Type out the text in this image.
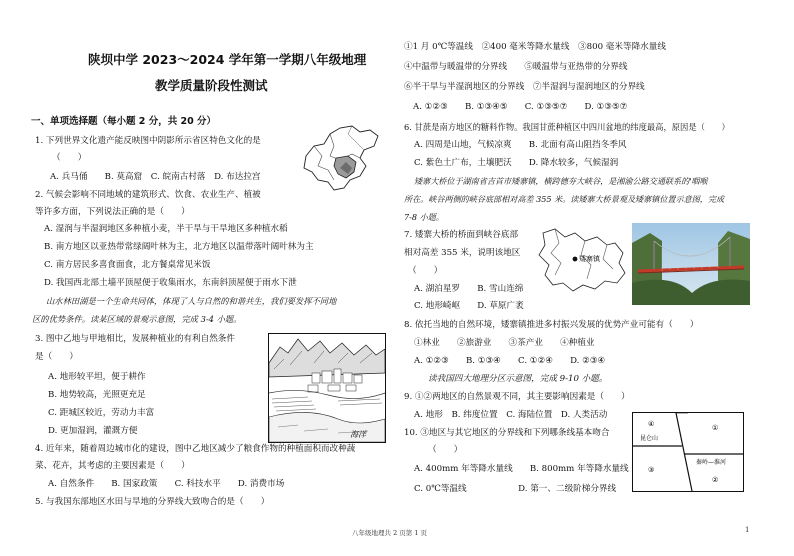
陕坝中学 2023～2024 学年第一学期八年级地理
教学质量阶段性测试
一、单项选择题（每小题 2 分，共 20 分）
1. 下列世界文化遗产能反映图中阴影所示省区特色文化的是
（　　）
A. 兵马俑　　B. 莫高窟　C. 皖南古村落　D. 布达拉宫
2. 气候会影响不同地域的建筑形式、饮食、农业生产、植被
等许多方面，下列说法正确的是（　　）
A. 湿润与半湿润地区多种植小麦，半干旱与干旱地区多种植水稻
B. 南方地区以亚热带常绿阔叶林为主，北方地区以温带落叶阔叶林为主
C. 南方居民多喜食面食，北方餐桌常见米饭
D. 我国西北部土墙平顶屋便于收集雨水，东南斜顶屋便于雨水下泄
山水林田湖是一个生命共同体，体现了人与自然的和谐共生，我们要发挥不同地
区的优势条件。读某区域的景观示意图，完成 3-4 小题。
3. 图中乙地与甲地相比，发展种植业的有利自然条件
是（　　）
A. 地形较平坦，便于耕作
B. 地势较高，光照更充足
C. 距城区较近，劳动力丰富
D. 更加湿润，灌溉方便	海洋
4. 近年来，随着周边城市化的建设，图中乙地区减少了粮食作物的种植面积而改种蔬
菜、花卉，其考虑的主要因素是（　　）
A. 自然条件　　B. 国家政策　　C. 科技水平　　D. 消费市场
5. 与我国东部地区水田与旱地的分界线大致吻合的是（　　）
①1 月 0℃等温线　②400 毫米等降水量线　③800 毫米等降水量线
④中温带与暖温带的分界线　　⑤暖温带与亚热带的分界线
⑥半干旱与半湿润地区的分界线　⑦半湿润与湿润地区的分界线
A. ①②③　　B. ①③④⑤　　C. ①③⑤⑦　　D. ①③⑤⑦
6. 甘蔗是南方地区的糖料作物。我国甘蔗种植区中四川盆地的纬度最高，原因是（　　）
A. 四周是山地，气候凉爽　　B. 北面有高山阻挡冬季风
C. 紫色土广布，土壤肥沃　　D. 降水较多，气候湿润
矮寨大桥位于湖南省吉首市矮寨镇，横跨德夯大峡谷，是湘渝公路交通联系的'咽喉
所在。峡谷两侧的峡谷底部相对高差 355 米。读矮寨大桥景观及矮寨镇位置示意图，完成
7-8 小题。
7. 矮寨大桥的桥面到峡谷底部
相对高差 355 米，说明该地区
（　　）
A. 湖泊星罗　　B. 雪山连绵
C. 地形崎岖　　D. 草原广袤
矮寨镇
8. 依托当地的自然环境，矮寨镇推进多村振兴发展的优势产业可能有（　　）
①林业　　②旅游业　　③茶产业　　④种植业
A. ①②③　　B. ①③④　　C. ①②④　　D. ②③④
读我国四大地理分区示意图，完成 9-10 小题。
9. ①②两地区的自然景观不同，其主要影响因素是（　　）
A. 地形　B. 纬度位置　C. 海陆位置　D. 人类活动
10. ③地区与其它地区的分界线和下列哪条线基本吻合
（　　）
A. 400mm 年等降水量线　　B. 800mm 年等降水量线
C. 0℃等温线　　　　　　D. 第一、二级阶梯分界线
昆仑山
秦岭—淮河
①
②
③
④
八年级地理共 2 页第 1 页	1
